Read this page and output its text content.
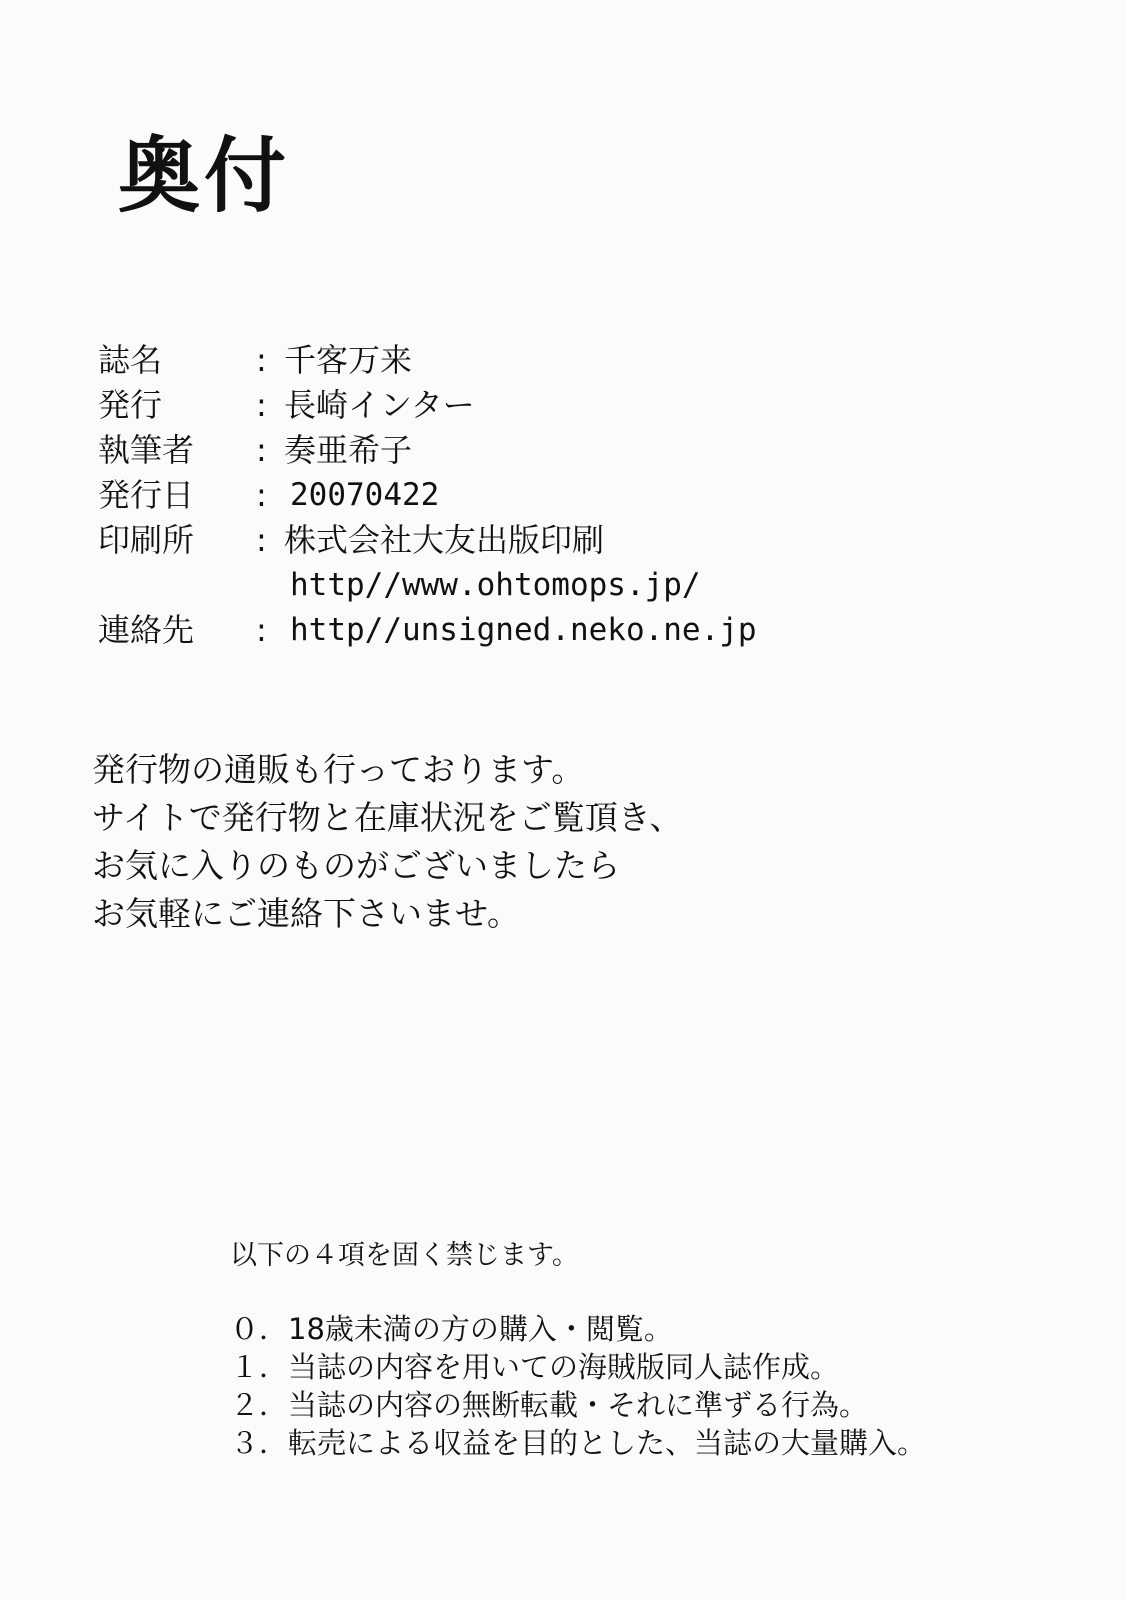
奥付
誌名	: 千客万来
発行	: 長崎インター
執筆者	: 奏亜希子
発行日	: 20070422
印刷所	: 株式会社大友出版印刷
http//www.ohtomops.jp/
連絡先	: http//unsigned.neko.ne.jp
発行物の通販も行っております。
サイトで発行物と在庫状況をご覧頂き、
お気に入りのものがございましたら
お気軽にご連絡下さいませ。
以下の４項を固く禁じます。
０．18歳未満の方の購入・閲覧。
１．当誌の内容を用いての海賊版同人誌作成。
２．当誌の内容の無断転載・それに準ずる行為。
３．転売による収益を目的とした、当誌の大量購入。
